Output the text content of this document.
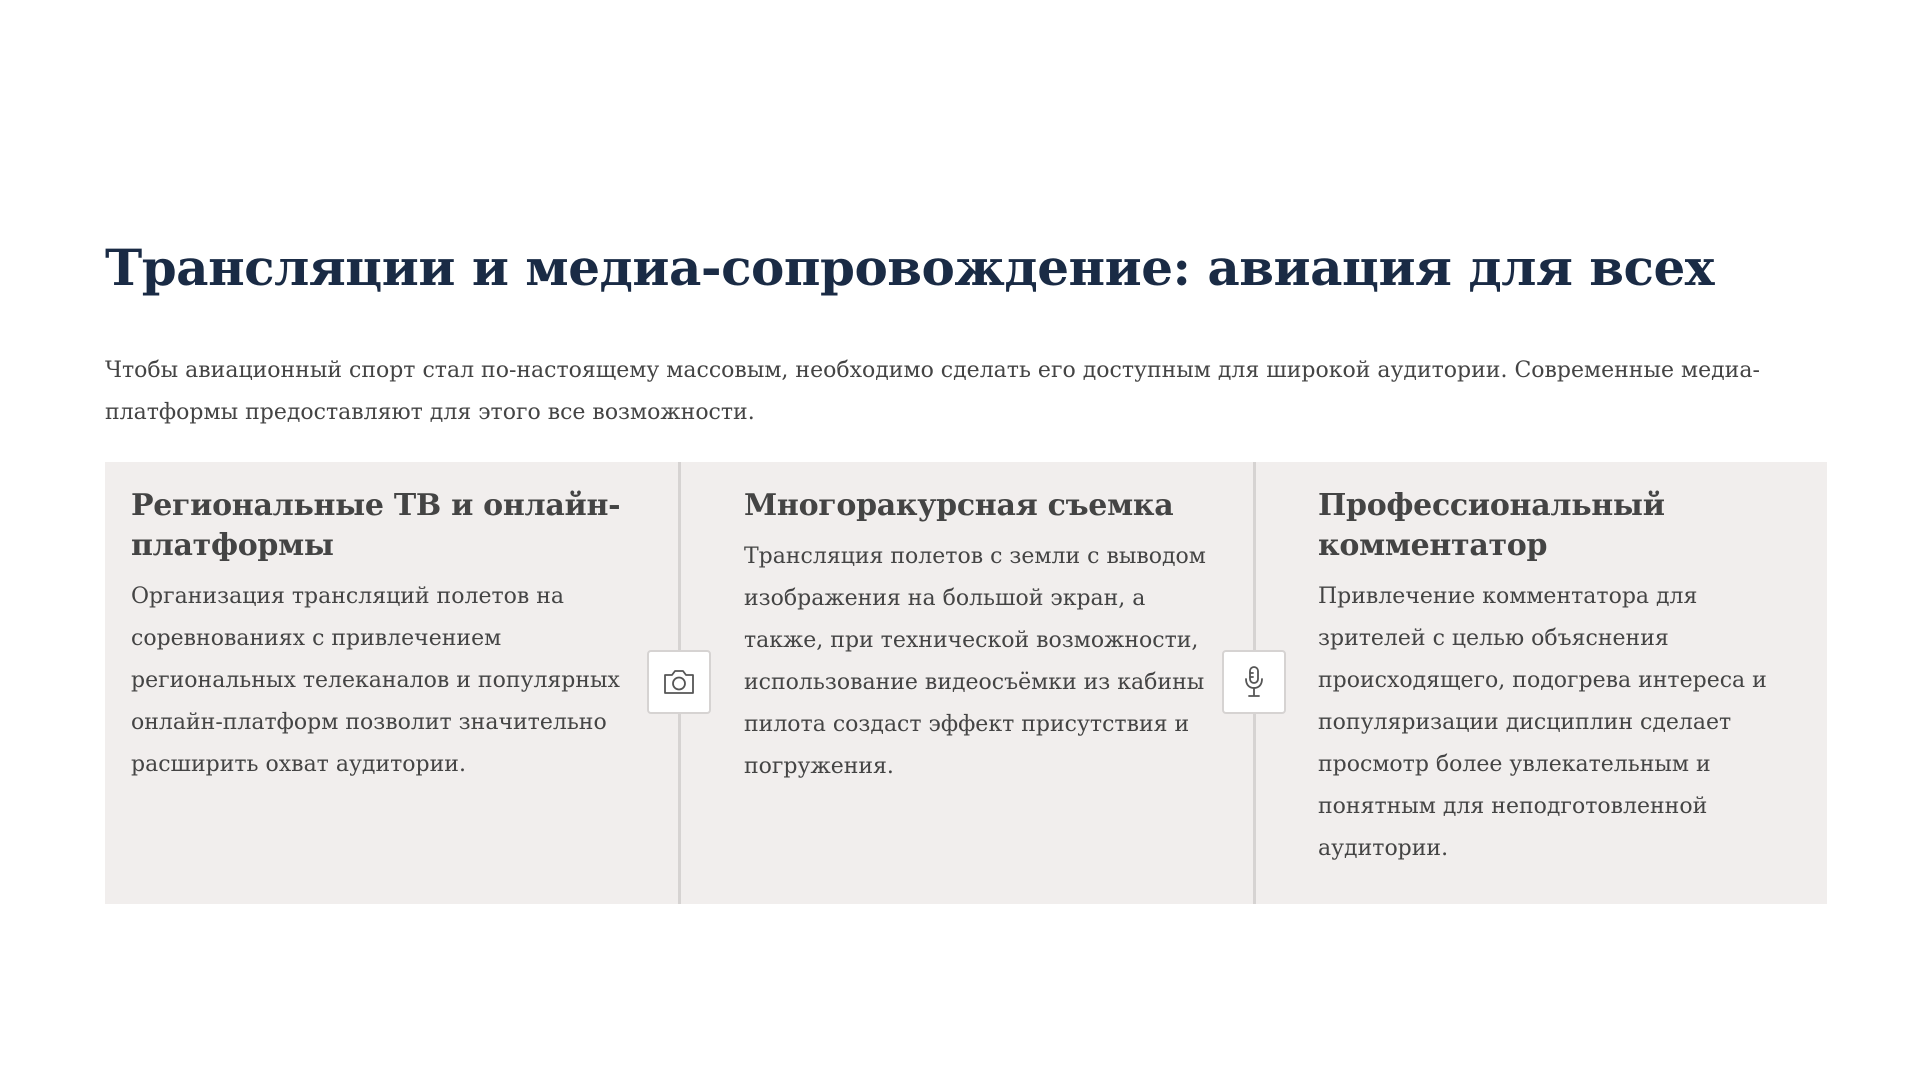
Трансляции и медиа-сопровождение: авиация для всех

Чтобы авиационный спорт стал по-настоящему массовым, необходимо сделать его доступным для широкой аудитории. Современные медиа-платформы предоставляют для этого все возможности.

Региональные ТВ и онлайн-платформы

Организация трансляций полетов на соревнованиях с привлечением региональных телеканалов и популярных онлайн-платформ позволит значительно расширить охват аудитории.

Многоракурсная съемка

Трансляция полетов с земли с выводом изображения на большой экран, а также, при технической возможности, использование видеосъёмки из кабины пилота создаст эффект присутствия и погружения.

Профессиональный комментатор

Привлечение комментатора для зрителей с целью объяснения происходящего, подогрева интереса и популяризации дисциплин сделает просмотр более увлекательным и понятным для неподготовленной аудитории.
